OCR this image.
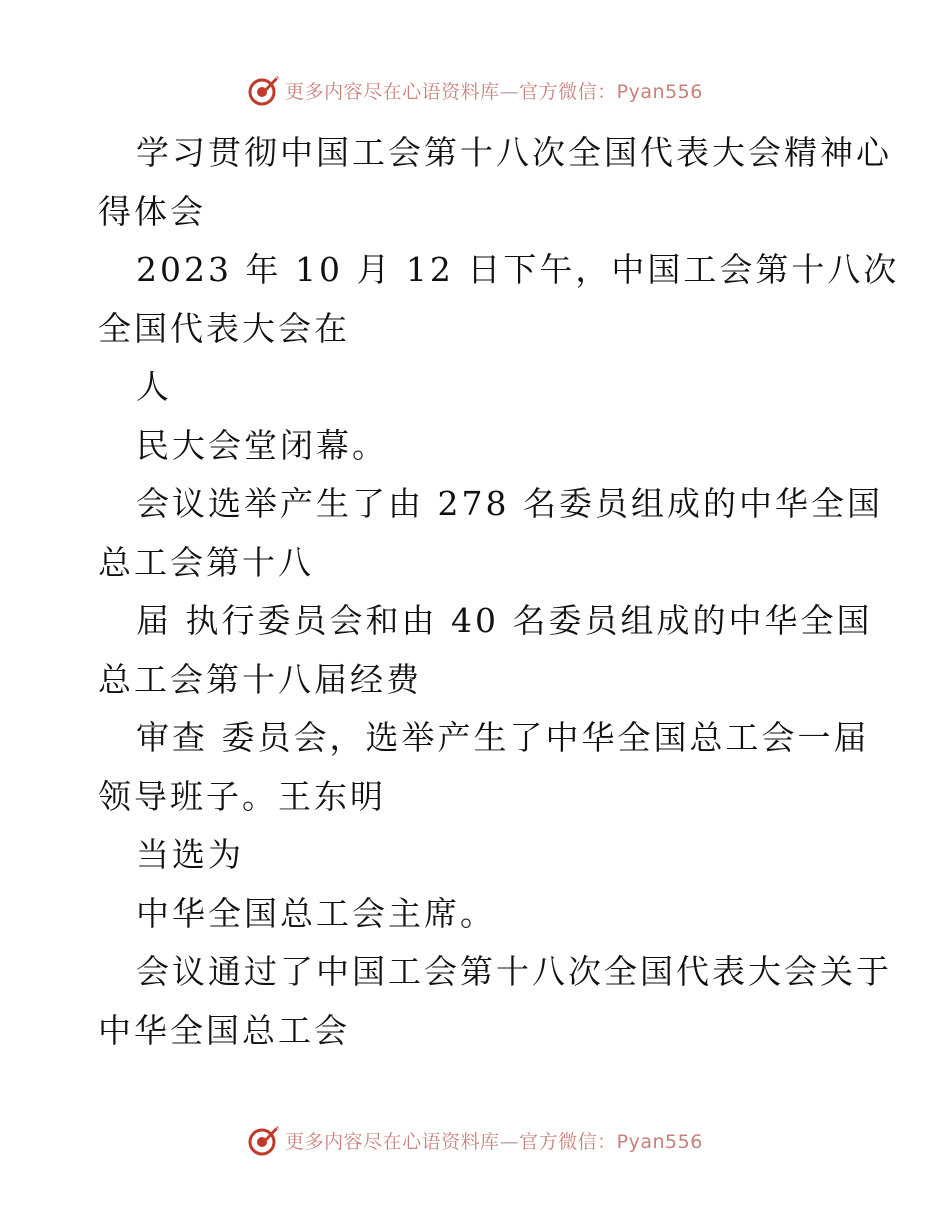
更多内容尽在心语资料库—官方微信：Pyan556
学习贯彻中国工会第十八次全国代表大会精神心
得体会
2023 年 10 月 12 日下午，中国工会第十八次
全国代表大会在
人
民大会堂闭幕。
会议选举产生了由 278 名委员组成的中华全国
总工会第十八
届 执行委员会和由 40 名委员组成的中华全国
总工会第十八届经费
审查 委员会，选举产生了中华全国总工会一届
领导班子。王东明
当选为
中华全国总工会主席。
会议通过了中国工会第十八次全国代表大会关于
中华全国总工会
更多内容尽在心语资料库—官方微信：Pyan556
